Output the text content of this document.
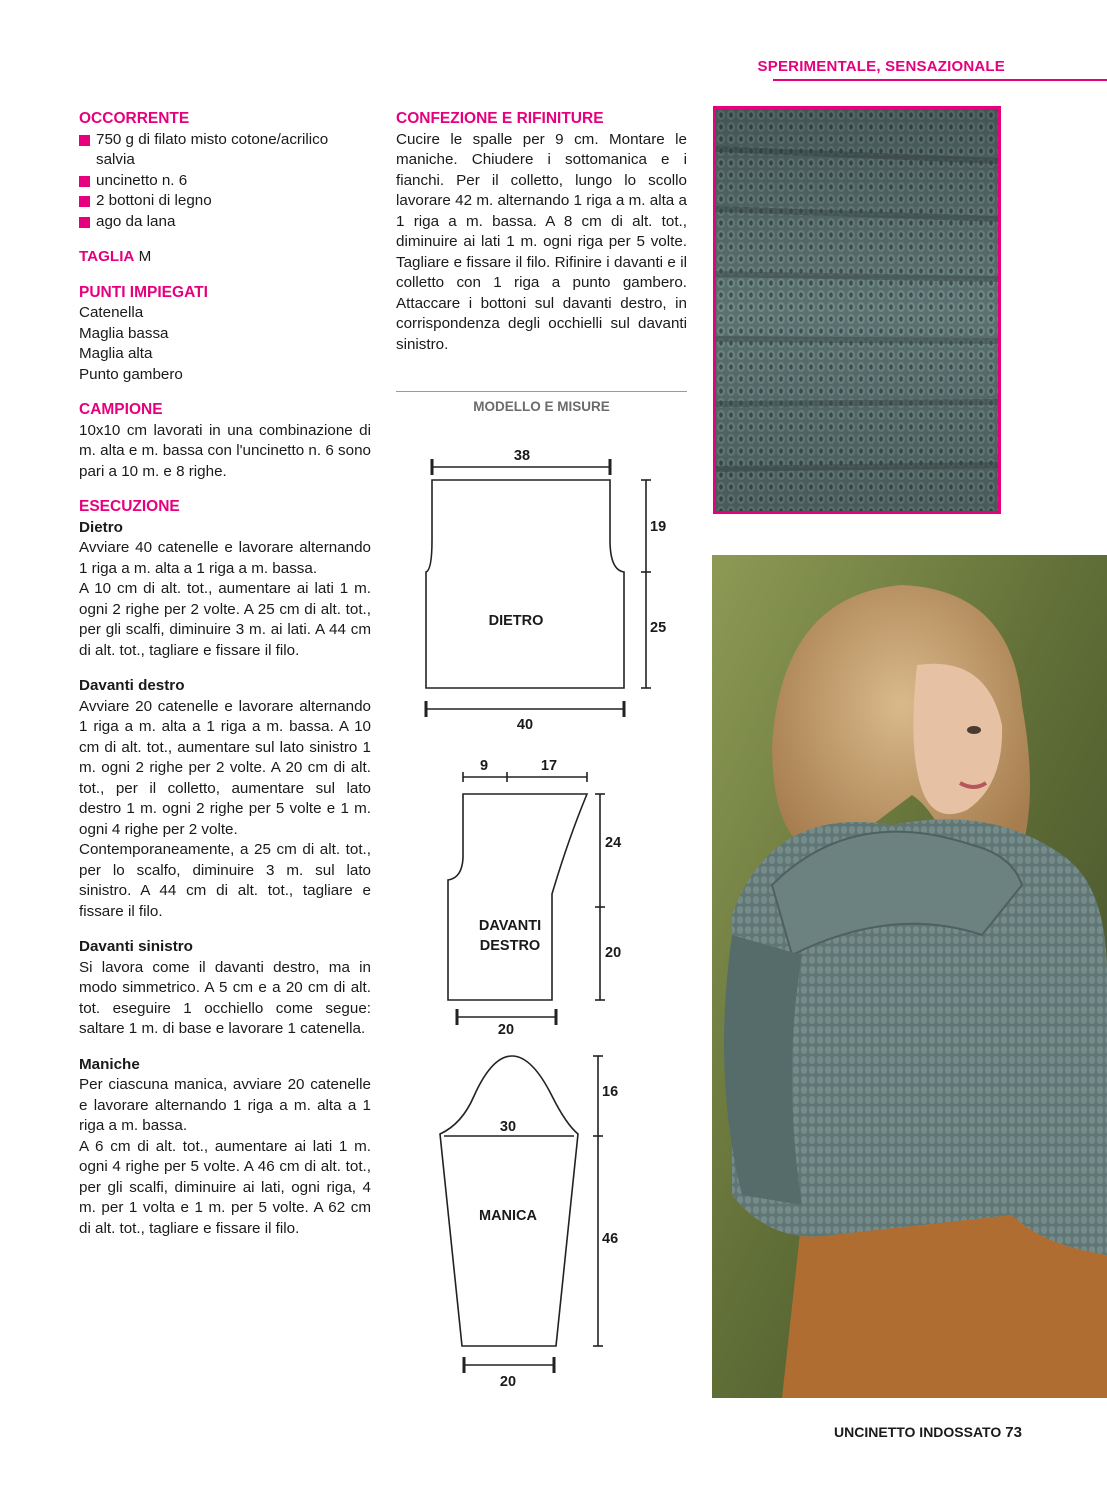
SPERIMENTALE, SENSAZIONALE

OCCORRENTE

750 g di filato misto cotone/acrilico salvia
uncinetto n. 6
2 bottoni di legno
ago da lana
TAGLIA M

PUNTI IMPIEGATI

Catenella

Maglia bassa

Maglia alta

Punto gambero

CAMPIONE

10x10 cm lavorati in una combinazione di m. alta e m. bassa con l'uncinetto n. 6 sono pari a 10 m. e 8 righe.

ESECUZIONE

Dietro

Avviare 40 catenelle e lavorare alternando 1 riga a m. alta a 1 riga a m. bassa.

A 10 cm di alt. tot., aumentare ai lati 1 m. ogni 2 righe per 2 volte. A 25 cm di alt. tot., per gli scalfi, diminuire 3 m. ai lati. A 44 cm di alt. tot., tagliare e fissare il filo.

Davanti destro

Avviare 20 catenelle e lavorare alternando 1 riga a m. alta a 1 riga a m. bassa. A 10 cm di alt. tot., aumentare sul lato sinistro 1 m. ogni 2 righe per 2 volte. A 20 cm di alt. tot., per il colletto, aumentare sul lato destro 1 m. ogni 2 righe per 5 volte e 1 m. ogni 4 righe per 2 volte.

Contemporaneamente, a 25 cm di alt. tot., per lo scalfo, diminuire 3 m. sul lato sinistro. A 44 cm di alt. tot., tagliare e fissare il filo.

Davanti sinistro

Si lavora come il davanti destro, ma in modo simmetrico. A 5 cm e a 20 cm di alt. tot. eseguire 1 occhiello come segue: saltare 1 m. di base e lavorare 1 catenella.

Maniche

Per ciascuna manica, avviare 20 catenelle e lavorare alternando 1 riga a m. alta a 1 riga a m. bassa.

A 6 cm di alt. tot., aumentare ai lati 1 m. ogni 4 righe per 5 volte. A 46 cm di alt. tot., per gli scalfi, diminuire ai lati, ogni riga, 4 m. per 1 volta e 1 m. per 5 volte. A 62 cm di alt. tot., tagliare e fissare il filo.

CONFEZIONE E RIFINITURE

Cucire le spalle per 9 cm. Montare le maniche. Chiudere i sottomanica e i fianchi. Per il colletto, lungo lo scollo lavorare 42 m. alternando 1 riga a m. alta a 1 riga a m. bassa. A 8 cm di alt. tot., diminuire ai lati 1 m. ogni riga per 5 volte. Tagliare e fissare il filo. Rifinire i davanti e il colletto con 1 riga a punto gambero. Attaccare i bottoni sul davanti destro, in corrispondenza degli occhielli sul davanti sinistro.

MODELLO E MISURE
38
19
DIETRO	25
40
9	17
24
DAVANTI
DESTRO	20
20
16
30
MANICA
46
20
UNCINETTO INDOSSATO 73
